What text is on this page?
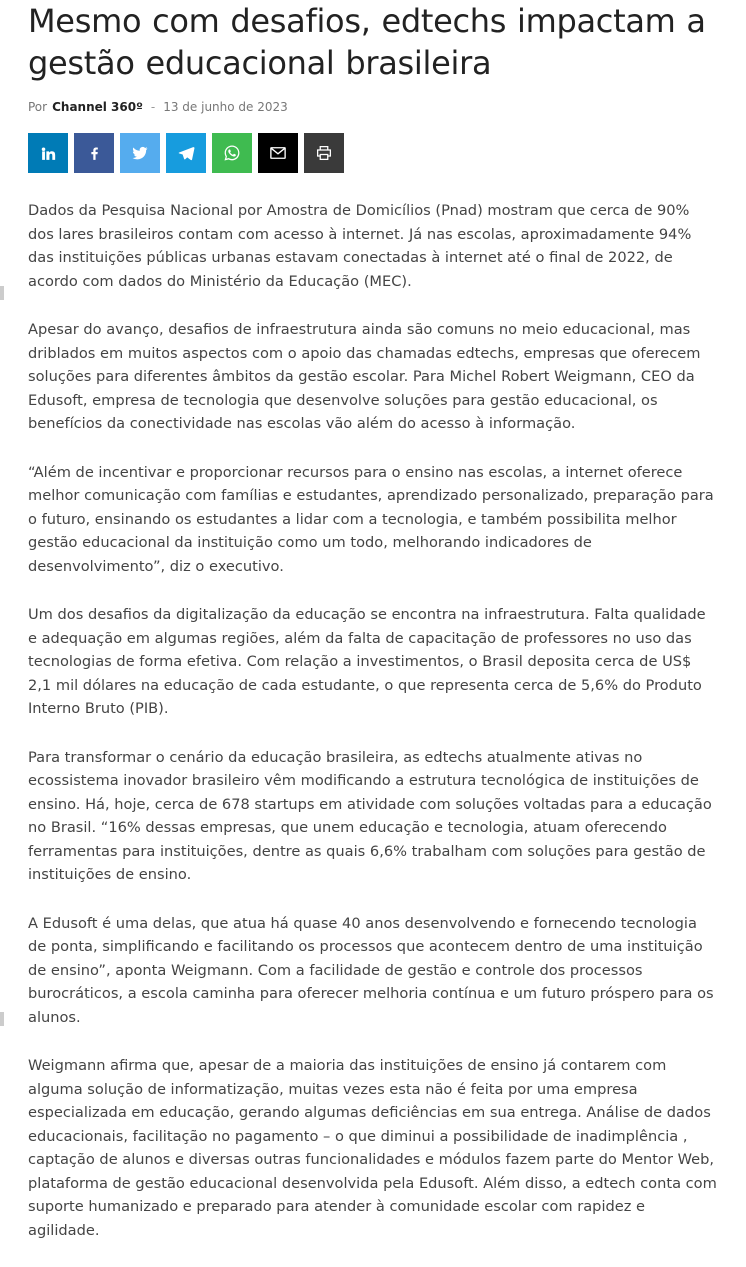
Mesmo com desafios, edtechs impactam a gestão educacional brasileira
Por Channel 360º - 13 de junho de 2023

Dados da Pesquisa Nacional por Amostra de Domicílios (Pnad) mostram que cerca de 90% dos lares brasileiros contam com acesso à internet. Já nas escolas, aproximadamente 94% das instituições públicas urbanas estavam conectadas à internet até o final de 2022, de acordo com dados do Ministério da Educação (MEC).

Apesar do avanço, desafios de infraestrutura ainda são comuns no meio educacional, mas driblados em muitos aspectos com o apoio das chamadas edtechs, empresas que oferecem soluções para diferentes âmbitos da gestão escolar. Para Michel Robert Weigmann, CEO da Edusoft, empresa de tecnologia que desenvolve soluções para gestão educacional, os benefícios da conectividade nas escolas vão além do acesso à informação.

“Além de incentivar e proporcionar recursos para o ensino nas escolas, a internet oferece melhor comunicação com famílias e estudantes, aprendizado personalizado, preparação para o futuro, ensinando os estudantes a lidar com a tecnologia, e também possibilita melhor gestão educacional da instituição como um todo, melhorando indicadores de desenvolvimento”, diz o executivo.

Um dos desafios da digitalização da educação se encontra na infraestrutura. Falta qualidade e adequação em algumas regiões, além da falta de capacitação de professores no uso das tecnologias de forma efetiva. Com relação a investimentos, o Brasil deposita cerca de US$ 2,1 mil dólares na educação de cada estudante, o que representa cerca de 5,6% do Produto Interno Bruto (PIB).

Para transformar o cenário da educação brasileira, as edtechs atualmente ativas no ecossistema inovador brasileiro vêm modificando a estrutura tecnológica de instituições de ensino. Há, hoje, cerca de 678 startups em atividade com soluções voltadas para a educação no Brasil. “16% dessas empresas, que unem educação e tecnologia, atuam oferecendo ferramentas para instituições, dentre as quais 6,6% trabalham com soluções para gestão de instituições de ensino.

A Edusoft é uma delas, que atua há quase 40 anos desenvolvendo e fornecendo tecnologia de ponta, simplificando e facilitando os processos que acontecem dentro de uma instituição de ensino”, aponta Weigmann. Com a facilidade de gestão e controle dos processos burocráticos, a escola caminha para oferecer melhoria contínua e um futuro próspero para os alunos.

Weigmann afirma que, apesar de a maioria das instituições de ensino já contarem com alguma solução de informatização, muitas vezes esta não é feita por uma empresa especializada em educação, gerando algumas deficiências em sua entrega. Análise de dados educacionais, facilitação no pagamento – o que diminui a possibilidade de inadimplência , captação de alunos e diversas outras funcionalidades e módulos fazem parte do Mentor Web, plataforma de gestão educacional desenvolvida pela Edusoft. Além disso, a edtech conta com suporte humanizado e preparado para atender à comunidade escolar com rapidez e agilidade.
